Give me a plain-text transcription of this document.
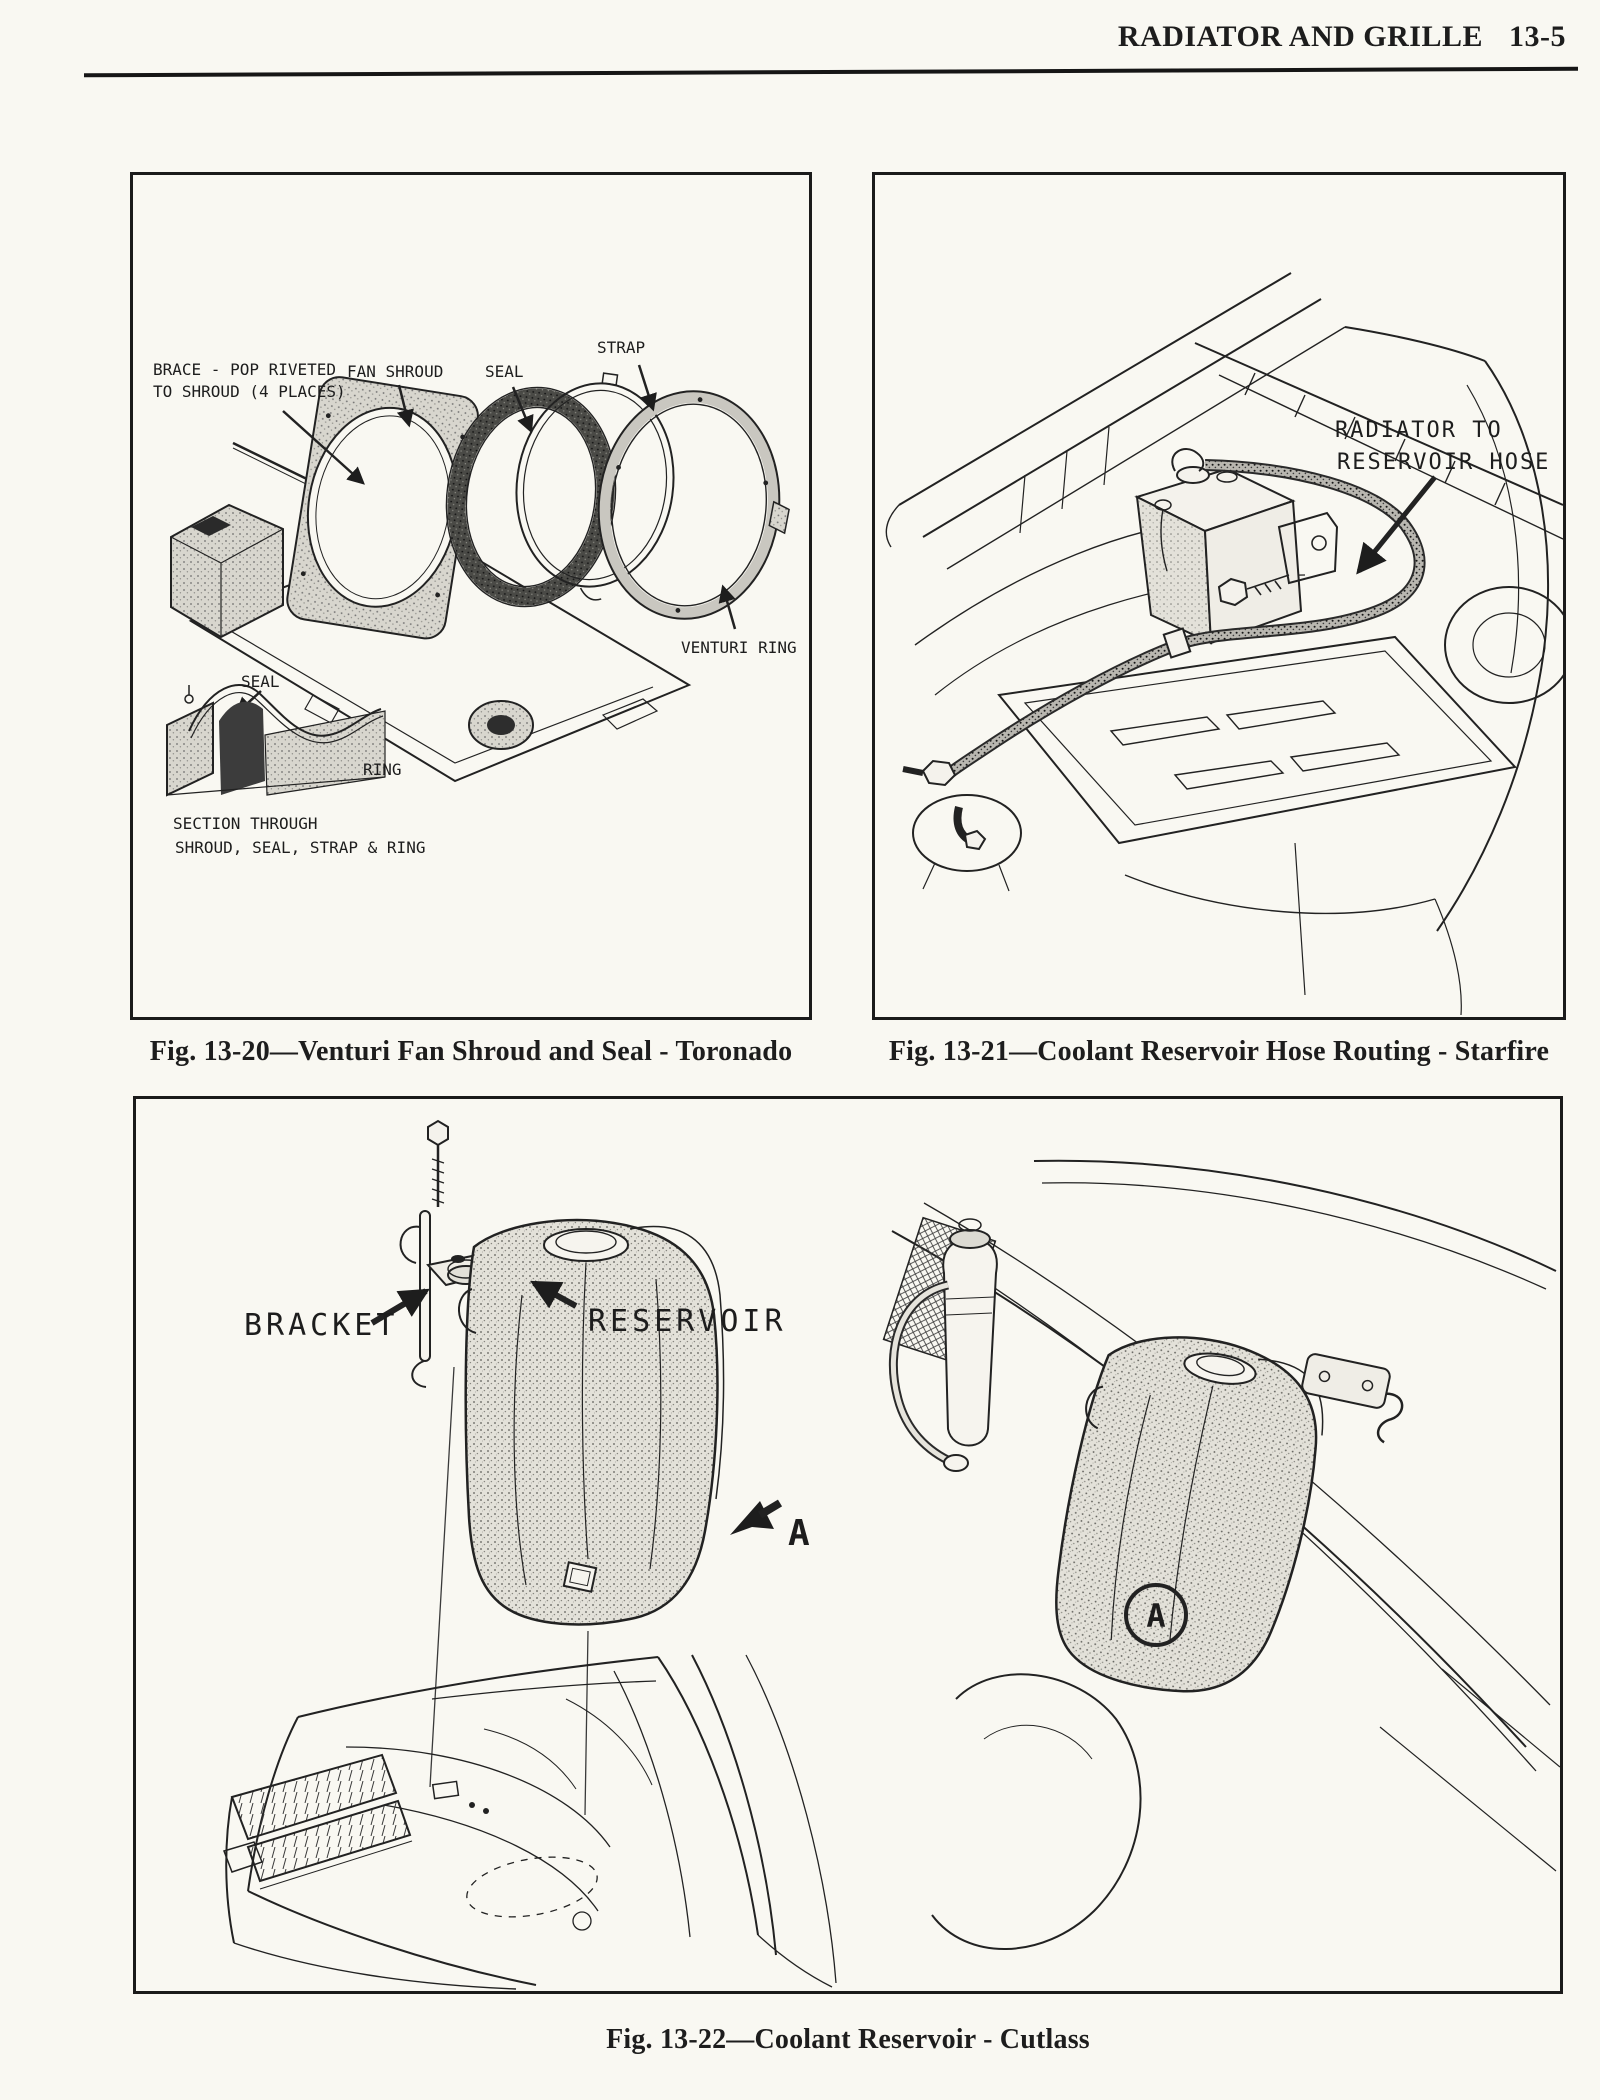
RADIATOR AND GRILLE 13-5
BRACE - POP RIVETED
TO SHROUD (4 PLACES)
FAN SHROUD	SEAL
STRAP
VENTURI RING
SEAL
RING
SECTION THROUGH
SHROUD, SEAL, STRAP & RING
Fig. 13-20—Venturi Fan Shroud and Seal - Toronado
RADIATOR TO
RESERVOIR HOSE
Fig. 13-21—Coolant Reservoir Hose Routing - Starfire
BRACKET	RESERVOIR
A
A
Fig. 13-22—Coolant Reservoir - Cutlass
